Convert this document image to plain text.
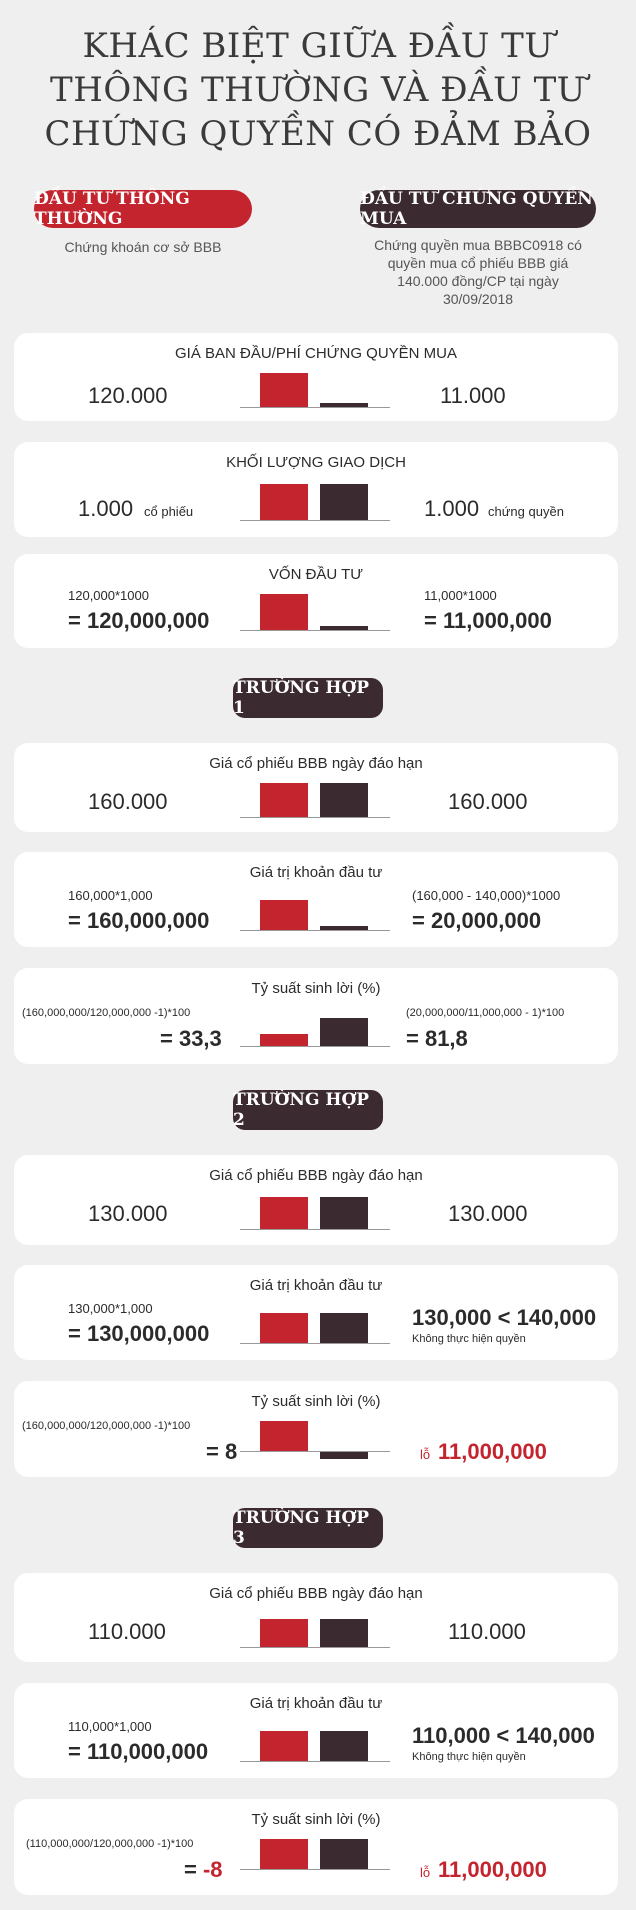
KHÁC BIỆT GIỮA ĐẦU TƯ THÔNG THƯỜNG VÀ ĐẦU TƯ CHỨNG QUYỀN CÓ ĐẢM BẢO
ĐẦU TƯ THÔNG THƯỜNG
Chứng khoán cơ sở BBB
ĐẦU TƯ CHỨNG QUYỀN MUA
Chứng quyền mua BBBC0918 có quyền mua cổ phiếu BBB giá 140.000 đồng/CP tại ngày 30/09/2018
GIÁ BAN ĐẦU/PHÍ CHỨNG QUYỀN MUA
120.000	11.000
KHỐI LƯỢNG GIAO DỊCH
1.000 cổ phiếu	1.000 chứng quyền
VỐN ĐẦU TƯ
120,000*1000
= 120,000,000
11,000*1000
= 11,000,000
TRƯỜNG HỢP 1
Giá cổ phiếu BBB ngày đáo hạn
160.000	160.000
Giá trị khoản đầu tư
160,000*1,000
= 160,000,000
(160,000 - 140,000)*1000
= 20,000,000
Tỷ suất sinh lời (%)
(160,000,000/120,000,000 -1)*100
= 33,3
(20,000,000/11,000,000 - 1)*100
= 81,8
TRƯỜNG HỢP 2
Giá cổ phiếu BBB ngày đáo hạn
130.000	130.000
Giá trị khoản đầu tư
130,000*1,000
= 130,000,000
130,000 < 140,000
Không thực hiện quyền
Tỷ suất sinh lời (%)
(160,000,000/120,000,000 -1)*100
= 8	lỗ 11,000,000
TRƯỜNG HỢP 3
Giá cổ phiếu BBB ngày đáo hạn
110.000	110.000
Giá trị khoản đầu tư
110,000*1,000
= 110,000,000
110,000 < 140,000
Không thực hiện quyền
Tỷ suất sinh lời (%)
(110,000,000/120,000,000 -1)*100
= -8	lỗ 11,000,000
